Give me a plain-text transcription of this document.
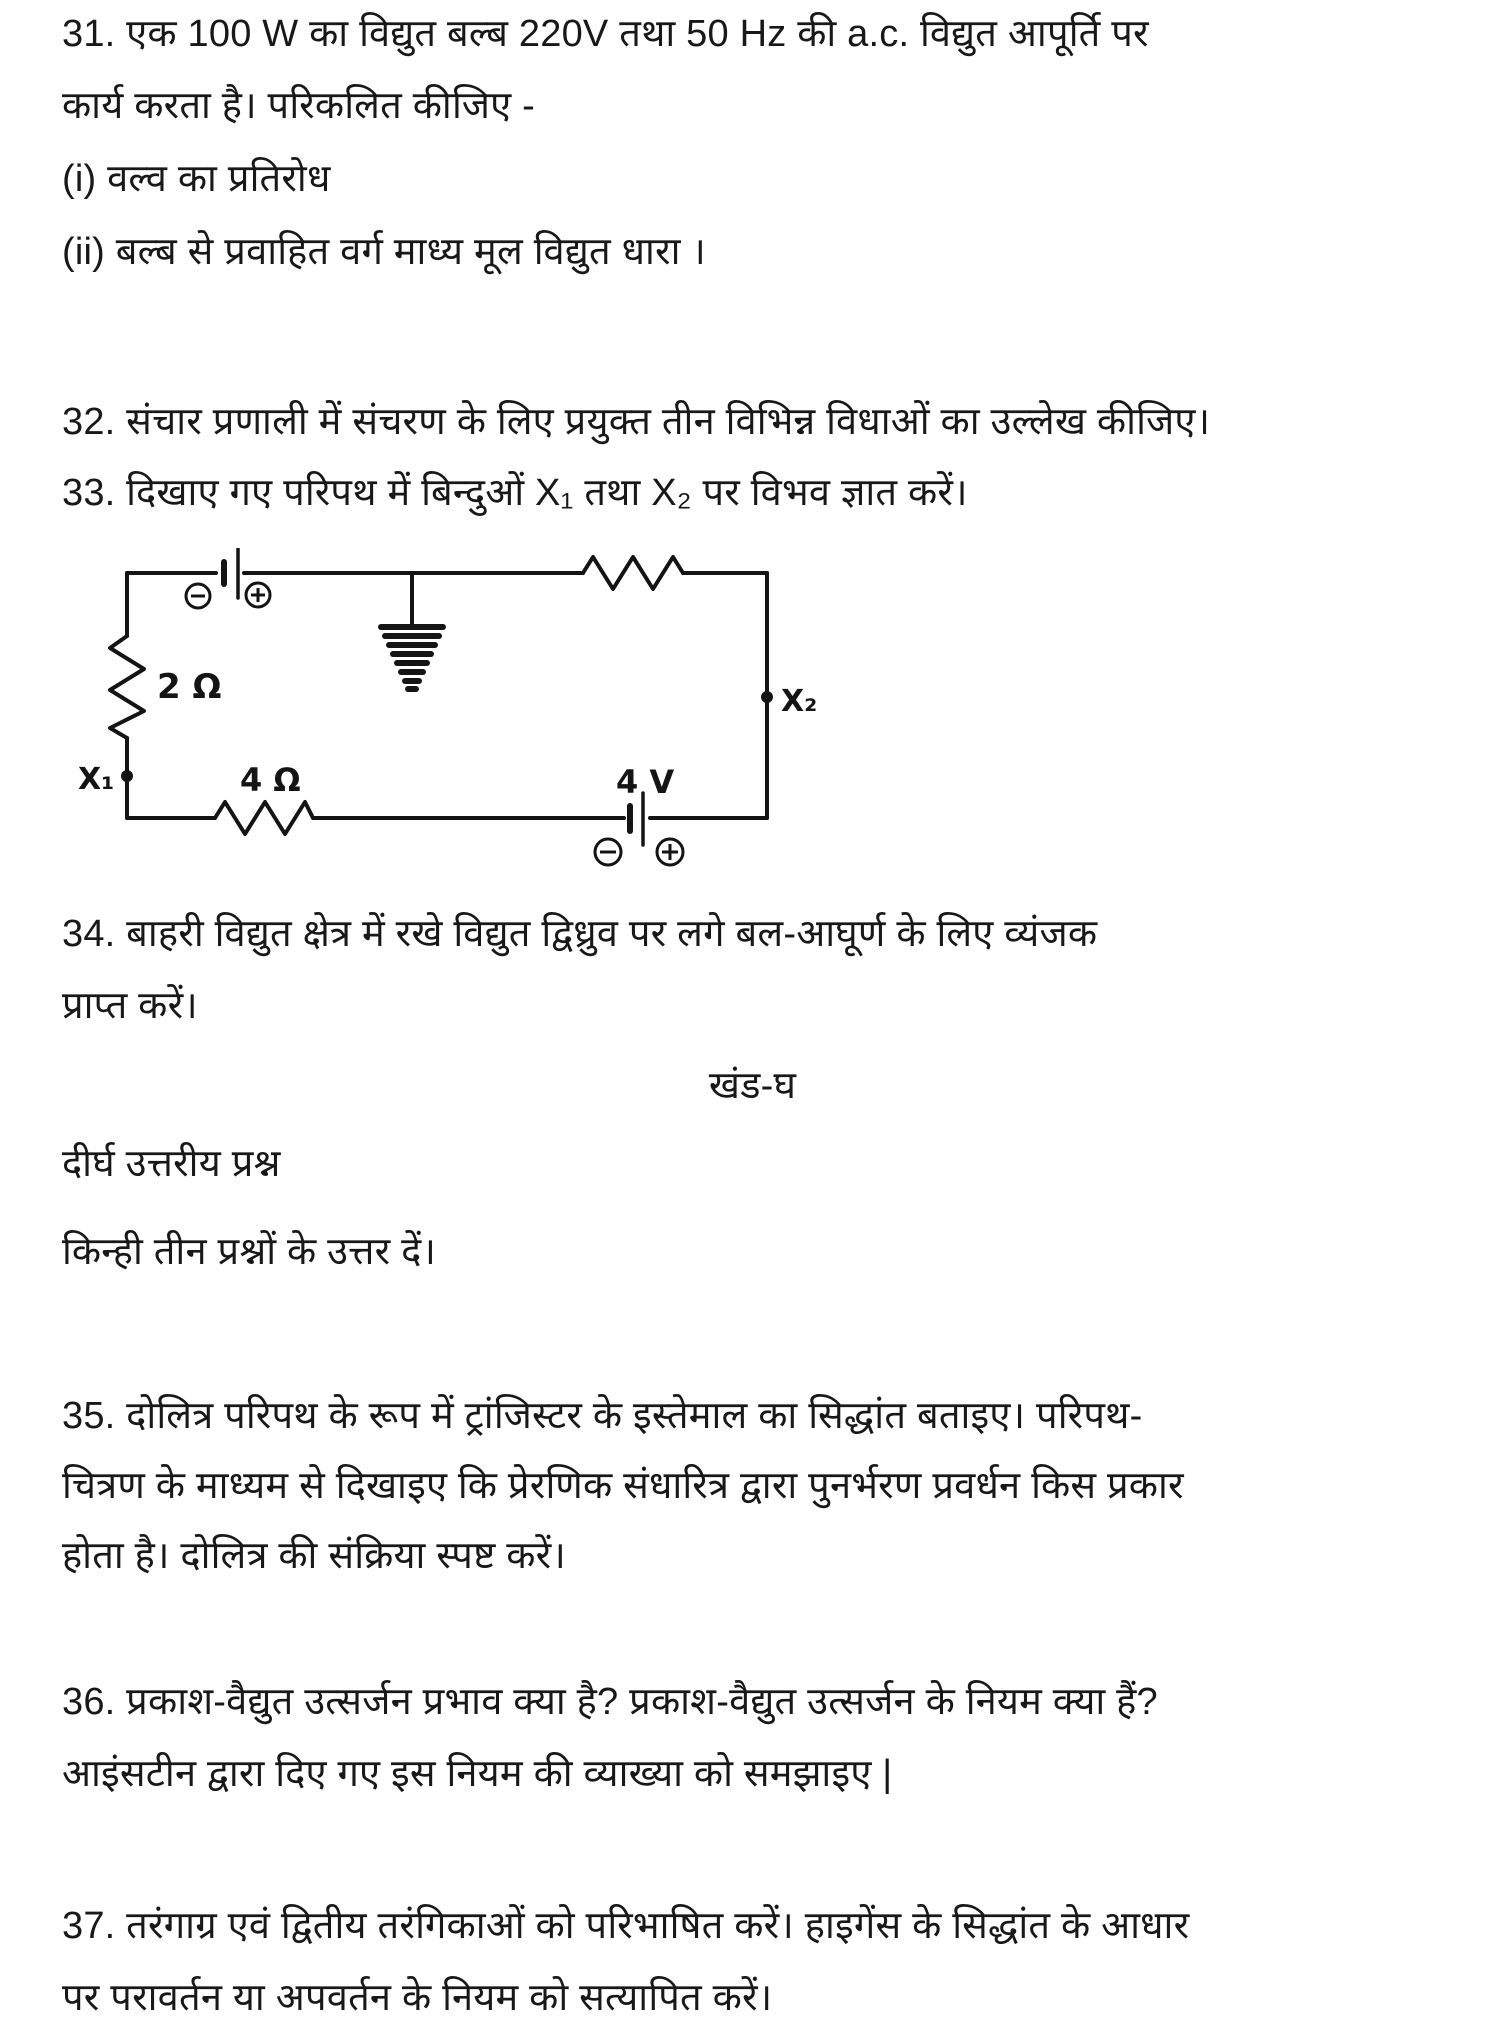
31. एक 100 W का विद्युत बल्ब 220V तथा 50 Hz की a.c. विद्युत आपूर्ति पर
कार्य करता है। परिकलित कीजिए -
(i) वल्व का प्रतिरोध
(ii) बल्ब से प्रवाहित वर्ग माध्य मूल विद्युत धारा ।
32. संचार प्रणाली में संचरण के लिए प्रयुक्त तीन विभिन्न विधाओं का उल्लेख कीजिए।
33. दिखाए गए परिपथ में बिन्दुओं X₁ तथा X₂ पर विभव ज्ञात करें।
X₂
2 Ω
X₁	4 Ω	4 V
34. बाहरी विद्युत क्षेत्र में रखे विद्युत द्विध्रुव पर लगे बल-आघूर्ण के लिए व्यंजक
प्राप्त करें।
खंड-घ
दीर्घ उत्तरीय प्रश्न
किन्ही तीन प्रश्नों के उत्तर दें।
35. दोलित्र परिपथ के रूप में ट्रांजिस्टर के इस्तेमाल का सिद्धांत बताइए। परिपथ-
चित्रण के माध्यम से दिखाइए कि प्रेरणिक संधारित्र द्वारा पुनर्भरण प्रवर्धन किस प्रकार
होता है। दोलित्र की संक्रिया स्पष्ट करें।
36. प्रकाश-वैद्युत उत्सर्जन प्रभाव क्या है? प्रकाश-वैद्युत उत्सर्जन के नियम क्या हैं?
आइंसटीन द्वारा दिए गए इस नियम की व्याख्या को समझाइए |
37. तरंगाग्र एवं द्वितीय तरंगिकाओं को परिभाषित करें। हाइगेंस के सिद्धांत के आधार
पर परावर्तन या अपवर्तन के नियम को सत्यापित करें।
